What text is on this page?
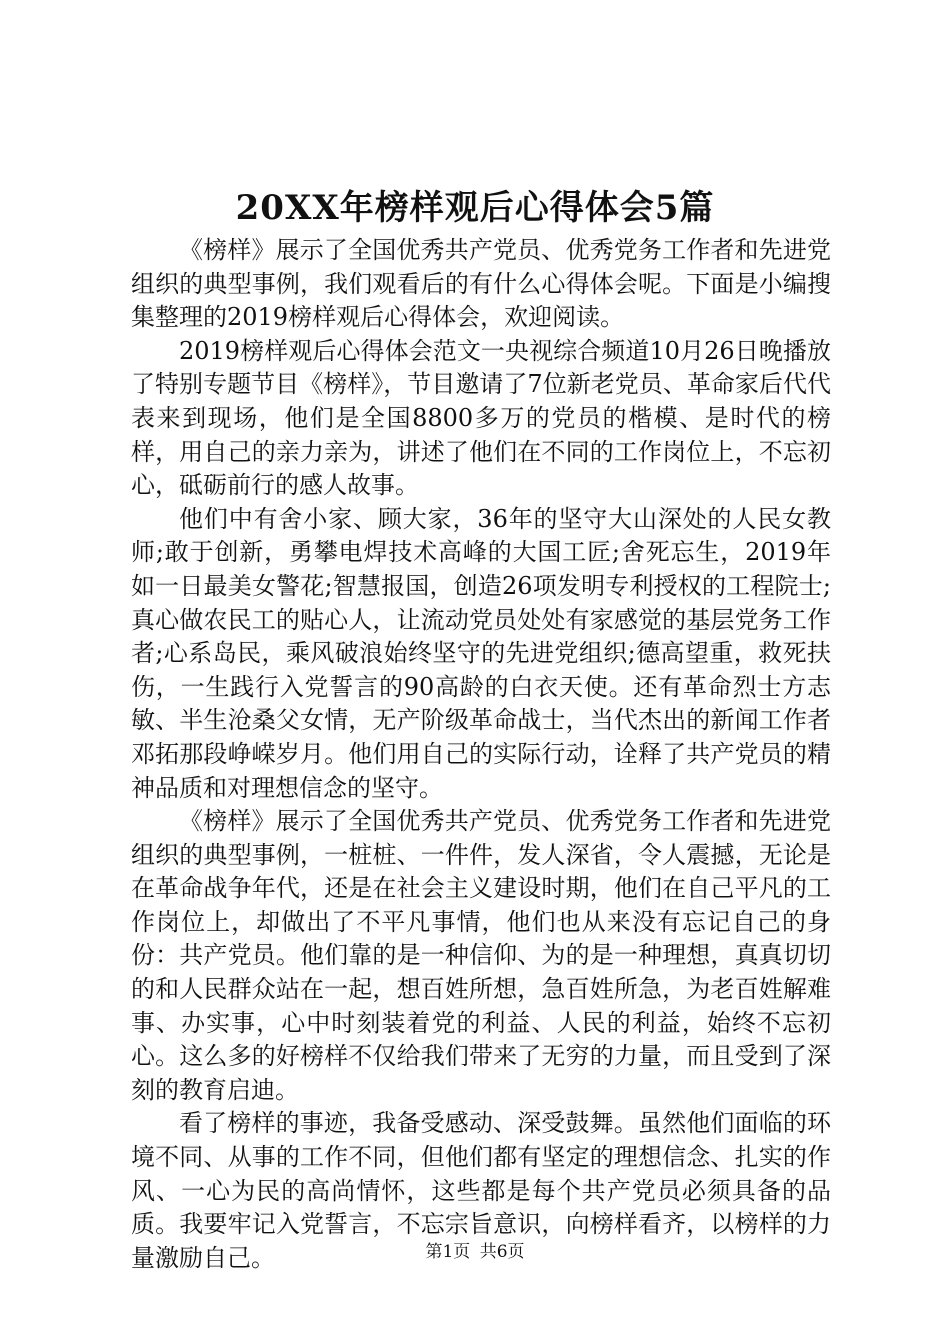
20XX年榜样观后心得体会5篇

《榜样》展示了全国优秀共产党员、优秀党务工作者和先进党组织的典型事例，我们观看后的有什么心得体会呢。下面是小编搜集整理的2019榜样观后心得体会，欢迎阅读。

2019榜样观后心得体会范文一央视综合频道10月26日晚播放了特别专题节目《榜样》，节目邀请了7位新老党员、革命家后代代表来到现场，他们是全国8800多万的党员的楷模、是时代的榜样，用自己的亲力亲为，讲述了他们在不同的工作岗位上，不忘初心，砥砺前行的感人故事。

他们中有舍小家、顾大家，36年的坚守大山深处的人民女教师;敢于创新，勇攀电焊技术高峰的大国工匠;舍死忘生，2019年如一日最美女警花;智慧报国，创造26项发明专利授权的工程院士;真心做农民工的贴心人，让流动党员处处有家感觉的基层党务工作者;心系岛民，乘风破浪始终坚守的先进党组织;德高望重，救死扶伤，一生践行入党誓言的90高龄的白衣天使。还有革命烈士方志敏、半生沧桑父女情，无产阶级革命战士，当代杰出的新闻工作者邓拓那段峥嵘岁月。他们用自己的实际行动，诠释了共产党员的精神品质和对理想信念的坚守。

《榜样》展示了全国优秀共产党员、优秀党务工作者和先进党组织的典型事例，一桩桩、一件件，发人深省，令人震撼，无论是在革命战争年代，还是在社会主义建设时期，他们在自己平凡的工作岗位上，却做出了不平凡事情，他们也从来没有忘记自己的身份：共产党员。他们靠的是一种信仰、为的是一种理想，真真切切的和人民群众站在一起，想百姓所想，急百姓所急，为老百姓解难事、办实事，心中时刻装着党的利益、人民的利益，始终不忘初心。这么多的好榜样不仅给我们带来了无穷的力量，而且受到了深刻的教育启迪。

看了榜样的事迹，我备受感动、深受鼓舞。虽然他们面临的环境不同、从事的工作不同，但他们都有坚定的理想信念、扎实的作风、一心为民的高尚情怀，这些都是每个共产党员必须具备的品质。我要牢记入党誓言，不忘宗旨意识，向榜样看齐，以榜样的力量激励自己。	第1页 共6页
